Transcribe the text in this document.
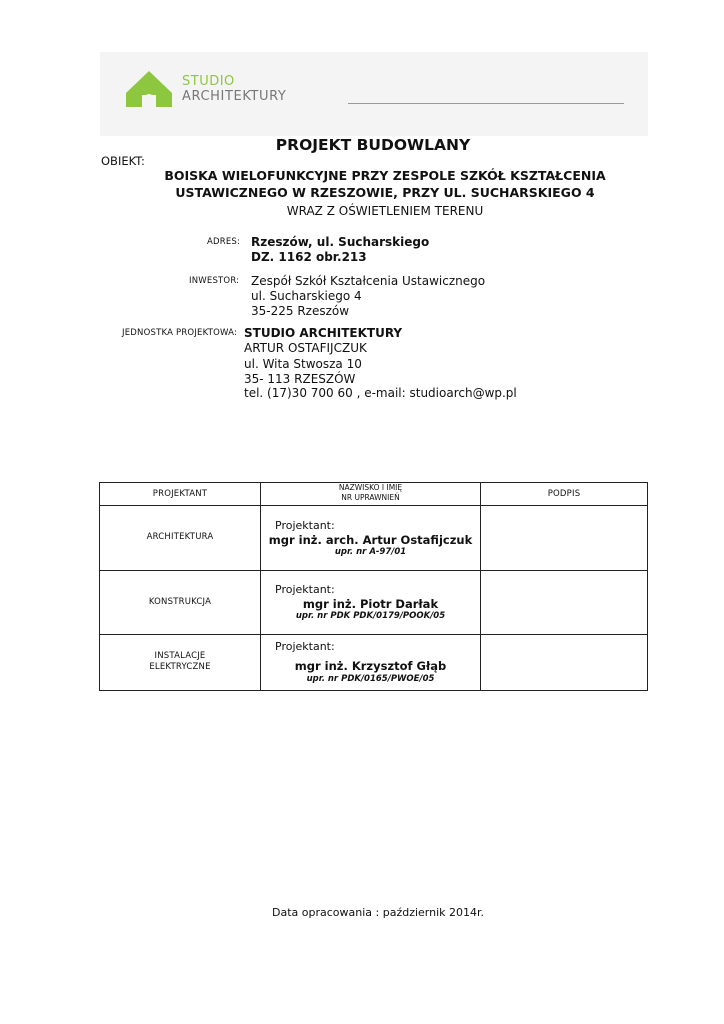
STUDIO
ARCHITEKTURY
PROJEKT BUDOWLANY
OBIEKT:
BOISKA WIELOFUNKCYJNE PRZY ZESPOLE SZKÓŁ KSZTAŁCENIA
USTAWICZNEGO W RZESZOWIE, PRZY UL. SUCHARSKIEGO 4
WRAZ Z OŚWIETLENIEM TERENU
ADRES: Rzeszów, ul. Sucharskiego
DZ. 1162 obr.213
INWESTOR: Zespół Szkół Kształcenia Ustawicznego
ul. Sucharskiego 4
35-225 Rzeszów
JEDNOSTKA PROJEKTOWA: STUDIO ARCHITEKTURY
ARTUR OSTAFIJCZUK
ul. Wita Stwosza 10
35- 113 RZESZÓW
tel. (17)30 700 60 , e-mail: studioarch@wp.pl
PROJEKTANT
NAZWISKO I IMIĘ
NR UPRAWNIEŃ	PODPIS
ARCHITEKTURA
Projektant:
mgr inż. arch. Artur Ostafijczuk
upr. nr A-97/01
KONSTRUKCJA
Projektant:
mgr inż. Piotr Darłak
upr. nr PDK PDK/0179/POOK/05
INSTALACJE
ELEKTRYCZNE
Projektant:
mgr inż. Krzysztof Głąb
upr. nr PDK/0165/PWOE/05
Data opracowania : październik 2014r.
